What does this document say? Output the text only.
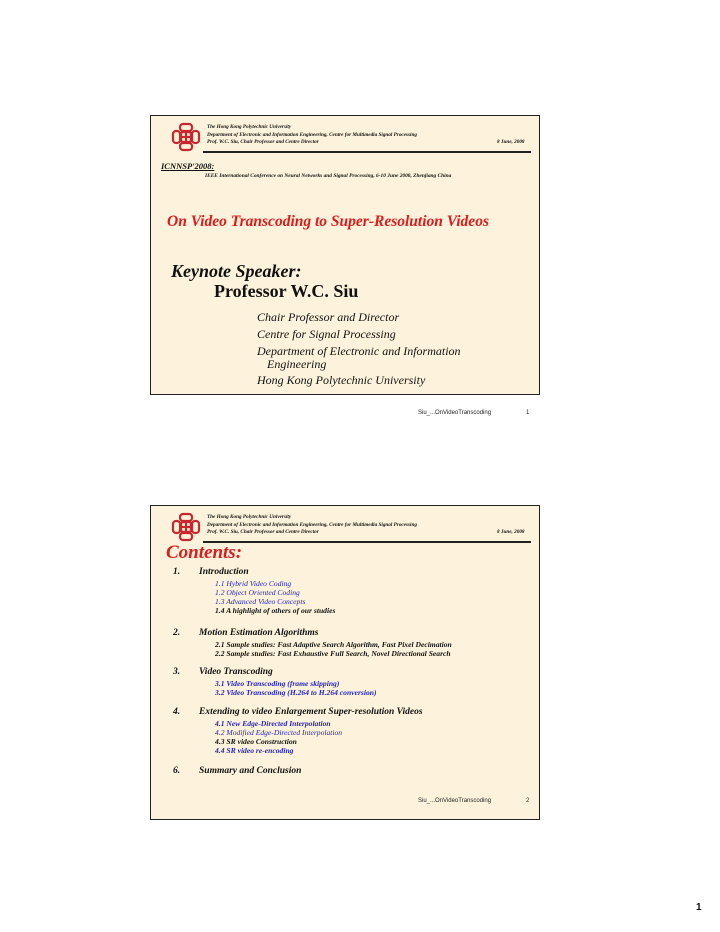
The Hong Kong Polytechnic University
Department of Electronic and Information Engineering, Centre for Multimedia Signal Processing
Prof. W.C. Siu, Chair Professor and Centre Director	8 June, 2008
ICNNSP'2008:
IEEE International Conference on Neural Networks and Signal Processing, 6-10 June 2008, Zhenjiang China
On Video Transcoding to Super-Resolution Videos
Keynote Speaker:
Professor W.C. Siu
Chair Professor and Director
Centre for Signal Processing
Department of Electronic and Information
Engineering
Hong Kong Polytechnic University
Siu_...OnVideoTranscoding	1
The Hong Kong Polytechnic University
Department of Electronic and Information Engineering, Centre for Multimedia Signal Processing
Prof. W.C. Siu, Chair Professor and Centre Director	8 June, 2008
Contents:
1. Introduction
1.1 Hybrid Video Coding
1.2 Object Oriented Coding
1.3 Advanced Video Concepts
1.4 A highlight of others of our studies
2. Motion Estimation Algorithms
2.1 Sample studies: Fast Adaptive Search Algorithm, Fast Pixel Decimation
2.2 Sample studies: Fast Exhaustive Full Search, Novel Directional Search
3. Video Transcoding
3.1 Video Transcoding (frame skipping)
3.2 Video Transcoding (H.264 to H.264 conversion)
4. Extending to video Enlargement Super-resolution Videos
4.1 New Edge-Directed Interpolation
4.2 Modified Edge-Directed Interpolation
4.3 SR video Construction
4.4 SR video re-encoding
6. Summary and Conclusion
Siu_...OnVideoTranscoding	2
1
